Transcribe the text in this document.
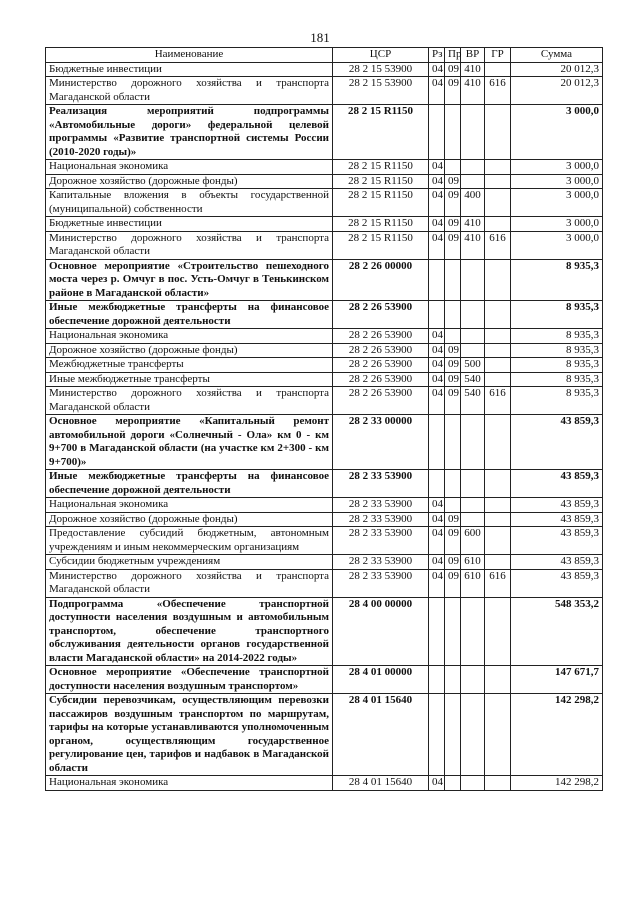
181
Наименование	ЦСР	Рз	Пр	ВР	ГР	Сумма
Бюджетные инвестиции	28 2 15 53900	04	09	410		20 012,3
Министерство дорожного хозяйства и транспорта Магаданской области	28 2 15 53900	04	09	410	616	20 012,3
Реализация мероприятий подпрограммы «Автомобильные дороги» федеральной целевой программы «Развитие транспортной системы России (2010-2020 годы)»	28 2 15 R1150					3 000,0
Национальная экономика	28 2 15 R1150	04				3 000,0
Дорожное хозяйство (дорожные фонды)	28 2 15 R1150	04	09			3 000,0
Капитальные вложения в объекты государственной (муниципальной) собственности	28 2 15 R1150	04	09	400		3 000,0
Бюджетные инвестиции	28 2 15 R1150	04	09	410		3 000,0
Министерство дорожного хозяйства и транспорта Магаданской области	28 2 15 R1150	04	09	410	616	3 000,0
Основное мероприятие «Строительство пешеходного моста через р. Омчуг в пос. Усть-Омчуг в Тенькинском районе в Магаданской области»	28 2 26 00000					8 935,3
Иные межбюджетные трансферты на финансовое обеспечение дорожной деятельности	28 2 26 53900					8 935,3
Национальная экономика	28 2 26 53900	04				8 935,3
Дорожное хозяйство (дорожные фонды)	28 2 26 53900	04	09			8 935,3
Межбюджетные трансферты	28 2 26 53900	04	09	500		8 935,3
Иные межбюджетные трансферты	28 2 26 53900	04	09	540		8 935,3
Министерство дорожного хозяйства и транспорта Магаданской области	28 2 26 53900	04	09	540	616	8 935,3
Основное мероприятие «Капитальный ремонт автомобильной дороги «Солнечный - Ола» км 0 - км 9+700 в Магаданской области (на участке км 2+300 - км 9+700)»	28 2 33 00000					43 859,3
Иные межбюджетные трансферты на финансовое обеспечение дорожной деятельности	28 2 33 53900					43 859,3
Национальная экономика	28 2 33 53900	04				43 859,3
Дорожное хозяйство (дорожные фонды)	28 2 33 53900	04	09			43 859,3
Предоставление субсидий бюджетным, автономным учреждениям и иным некоммерческим организациям	28 2 33 53900	04	09	600		43 859,3
Субсидии бюджетным учреждениям	28 2 33 53900	04	09	610		43 859,3
Министерство дорожного хозяйства и транспорта Магаданской области	28 2 33 53900	04	09	610	616	43 859,3
Подпрограмма «Обеспечение транспортной доступности населения воздушным и автомобильным транспортом, обеспечение транспортного обслуживания деятельности органов государственной власти Магаданской области» на 2014-2022 годы»	28 4 00 00000					548 353,2
Основное мероприятие «Обеспечение транспортной доступности населения воздушным транспортом»	28 4 01 00000					147 671,7
Субсидии перевозчикам, осуществляющим перевозки пассажиров воздушным транспортом по маршрутам, тарифы на которые устанавливаются уполномоченным органом, осуществляющим государственное регулирование цен, тарифов и надбавок в Магаданской области	28 4 01 15640					142 298,2
Национальная экономика	28 4 01 15640	04				142 298,2
